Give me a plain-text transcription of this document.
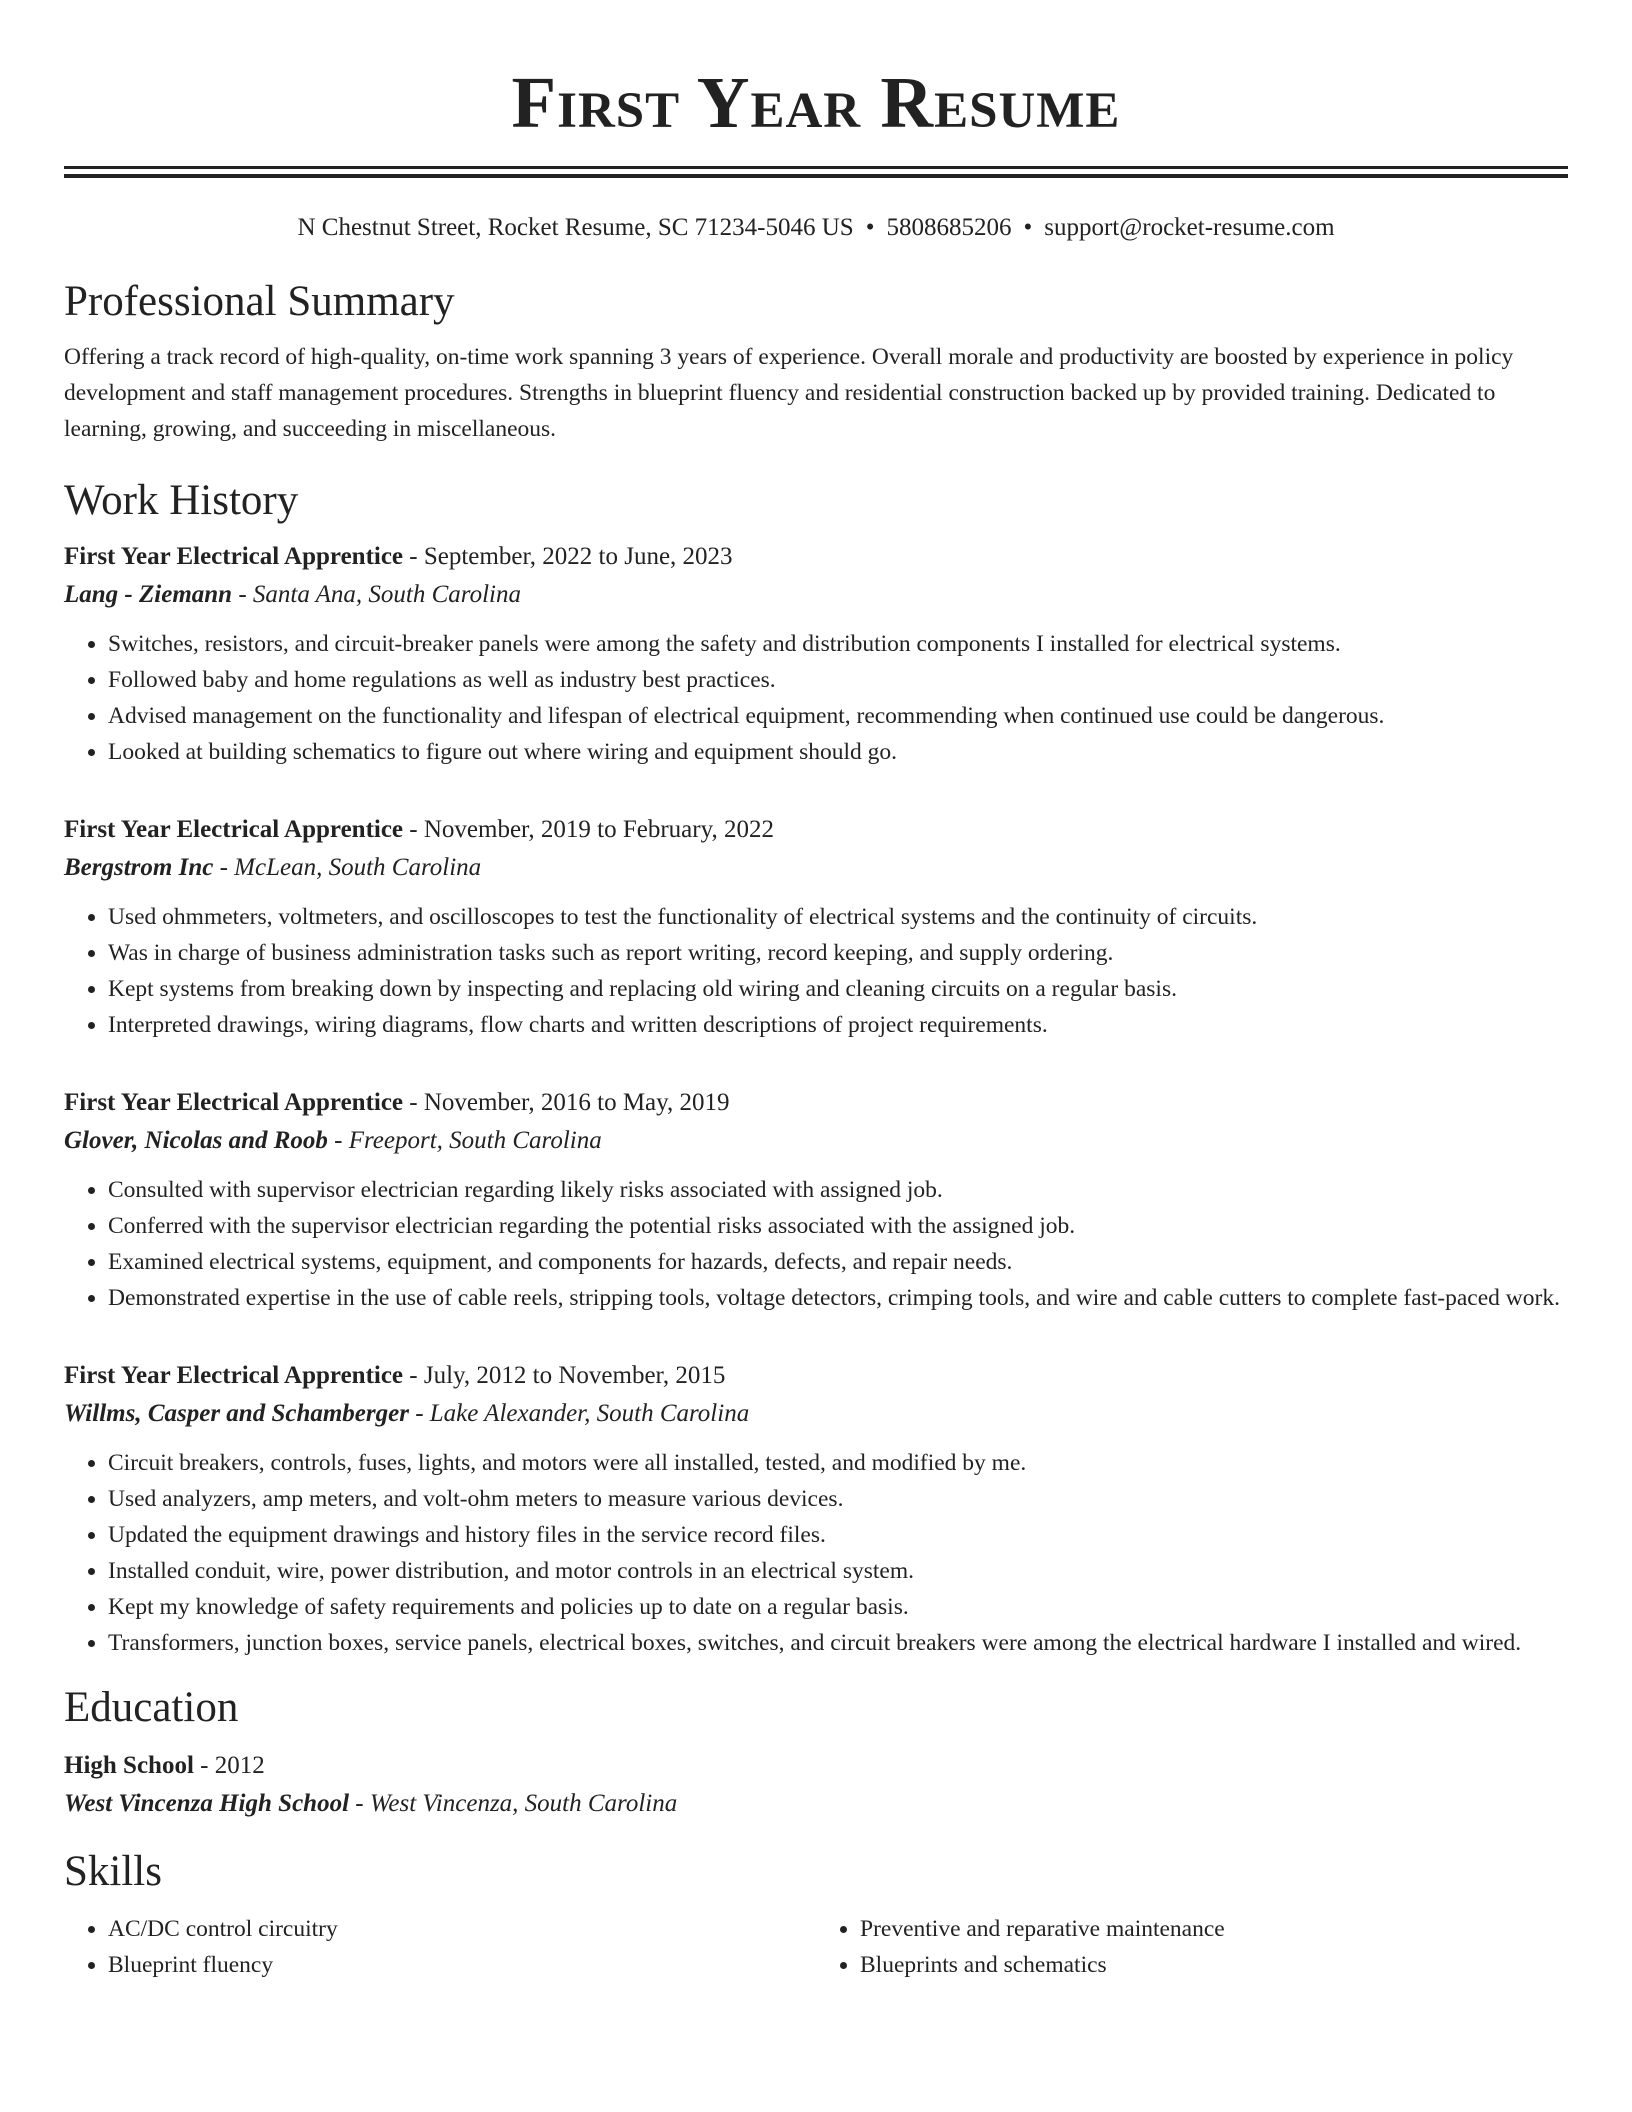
First Year Resume
N Chestnut Street, Rocket Resume, SC 71234-5046 US • 5808685206 • support@rocket-resume.com
Professional Summary

Offering a track record of high-quality, on-time work spanning 3 years of experience. Overall morale and productivity are boosted by experience in policy development and staff management procedures. Strengths in blueprint fluency and residential construction backed up by provided training. Dedicated to learning, growing, and succeeding in miscellaneous.

Work History
First Year Electrical Apprentice - September, 2022 to June, 2023
Lang - Ziemann - Santa Ana, South Carolina
• Switches, resistors, and circuit-breaker panels were among the safety and distribution components I installed for electrical systems.
• Followed baby and home regulations as well as industry best practices.
• Advised management on the functionality and lifespan of electrical equipment, recommending when continued use could be dangerous.
• Looked at building schematics to figure out where wiring and equipment should go.
First Year Electrical Apprentice - November, 2019 to February, 2022
Bergstrom Inc - McLean, South Carolina
• Used ohmmeters, voltmeters, and oscilloscopes to test the functionality of electrical systems and the continuity of circuits.
• Was in charge of business administration tasks such as report writing, record keeping, and supply ordering.
• Kept systems from breaking down by inspecting and replacing old wiring and cleaning circuits on a regular basis.
• Interpreted drawings, wiring diagrams, flow charts and written descriptions of project requirements.
First Year Electrical Apprentice - November, 2016 to May, 2019
Glover, Nicolas and Roob - Freeport, South Carolina
• Consulted with supervisor electrician regarding likely risks associated with assigned job.
• Conferred with the supervisor electrician regarding the potential risks associated with the assigned job.
• Examined electrical systems, equipment, and components for hazards, defects, and repair needs.
• Demonstrated expertise in the use of cable reels, stripping tools, voltage detectors, crimping tools, and wire and cable cutters to complete fast-paced work.
First Year Electrical Apprentice - July, 2012 to November, 2015
Willms, Casper and Schamberger - Lake Alexander, South Carolina
• Circuit breakers, controls, fuses, lights, and motors were all installed, tested, and modified by me.
• Used analyzers, amp meters, and volt-ohm meters to measure various devices.
• Updated the equipment drawings and history files in the service record files.
• Installed conduit, wire, power distribution, and motor controls in an electrical system.
• Kept my knowledge of safety requirements and policies up to date on a regular basis.
• Transformers, junction boxes, service panels, electrical boxes, switches, and circuit breakers were among the electrical hardware I installed and wired.
Education
High School - 2012
West Vincenza High School - West Vincenza, South Carolina
Skills
• AC/DC control circuitry
• Blueprint fluency
• Preventive and reparative maintenance
• Blueprints and schematics
